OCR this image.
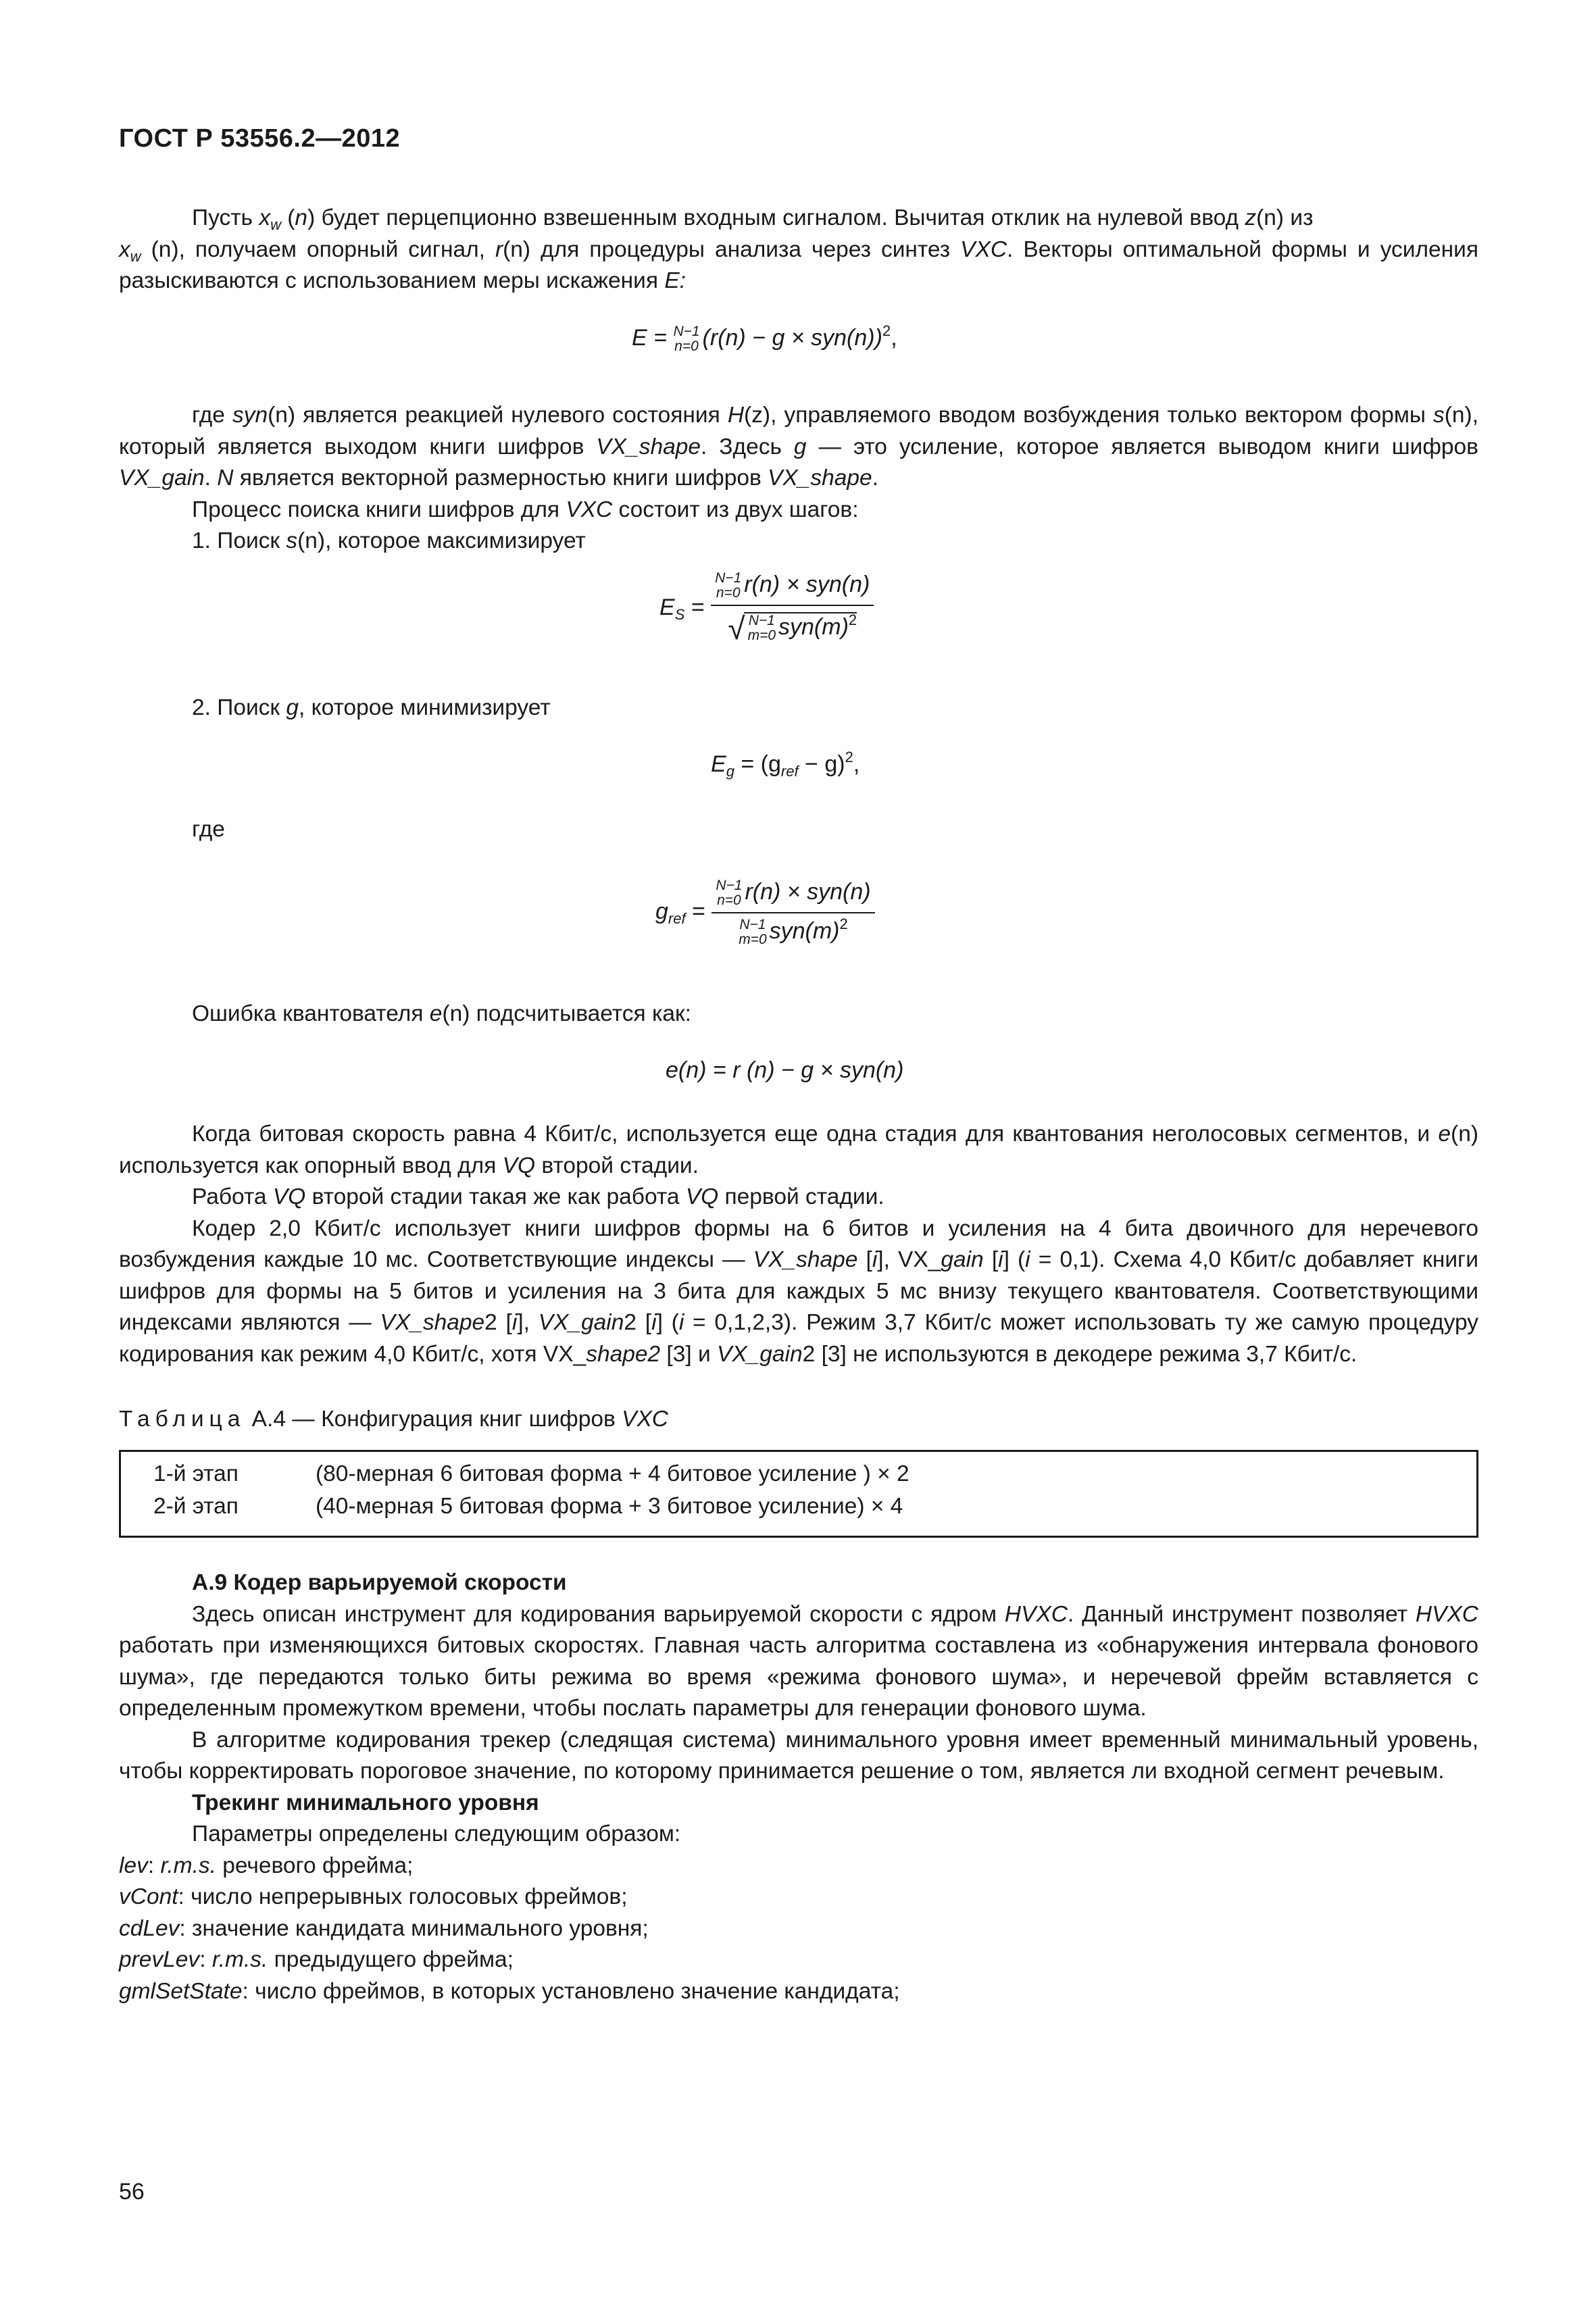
ГОСТ Р 53556.2—2012

Пусть $x_w$ (n) будет перцепционно взвешенным входным сигналом. Вычитая отклик на нулевой ввод z(n) из
$x_w$ (n), получаем опорный сигнал, r(n) для процедуры анализа через синтез VXC. Векторы оптимальной формы и усиления разыскиваются с использованием меры искажения E:

E = N−1
n=0 $(r(n) - g \times syn(n))^2$,

где syn(n) является реакцией нулевого состояния H(z), управляемого вводом возбуждения только вектором формы s(n), который является выходом книги шифров VX_shape. Здесь g — это усиление, которое является выводом книги шифров VX_gain. N является векторной размерностью книги шифров VX_shape.

Процесс поиска книги шифров для VXC состоит из двух шагов:

1. Поиск s(n), которое максимизирует

$E_S$ =
N−1
n=0 r(n) × syn(n)
√ N−1
m=0 $syn(m)^2$

2. Поиск g, которое минимизирует

$E_g = (g_{ref} - g)^2$,

где

$g_{ref}$ =
N−1
n=0 r(n) × syn(n)
N−1
m=0 $syn(m)^2$

Ошибка квантователя e(n) подсчитывается как:

e(n) = r (n) − g × syn(n)

Когда битовая скорость равна 4 Кбит/с, используется еще одна стадия для квантования неголосовых сегментов, и e(n) используется как опорный ввод для VQ второй стадии.

Работа VQ второй стадии такая же как работа VQ первой стадии.

Кодер 2,0 Кбит/с использует книги шифров формы на 6 битов и усиления на 4 бита двоичного для неречевого возбуждения каждые 10 мс. Соответствующие индексы — VX_shape [i], VX_gain [i] (i = 0,1). Схема 4,0 Кбит/с добавляет книги шифров для формы на 5 битов и усиления на 3 бита для каждых 5 мс внизу текущего квантователя. Соответствующими индексами являются — VX_shape2 [i], VX_gain2 [i] (i = 0,1,2,3). Режим 3,7 Кбит/с может использовать ту же самую процедуру кодирования как режим 4,0 Кбит/с, хотя VX_shape2 [3] и VX_gain2 [3] не используются в декодере режима 3,7 Кбит/с.

Таблица А.4 — Конфигурация книг шифров VXC
1-й этап	(80-мерная 6 битовая форма + 4 битовое усиление ) × 2
2-й этап	(40-мерная 5 битовая форма + 3 битовое усиление) × 4

А.9 Кодер варьируемой скорости

Здесь описан инструмент для кодирования варьируемой скорости с ядром HVXC. Данный инструмент позволяет HVXC работать при изменяющихся битовых скоростях. Главная часть алгоритма составлена из «обнаружения интервала фонового шума», где передаются только биты режима во время «режима фонового шума», и неречевой фрейм вставляется с определенным промежутком времени, чтобы послать параметры для генерации фонового шума.

В алгоритме кодирования трекер (следящая система) минимального уровня имеет временный минимальный уровень, чтобы корректировать пороговое значение, по которому принимается решение о том, является ли входной сегмент речевым.

Трекинг минимального уровня

Параметры определены следующим образом:

lev: r.m.s. речевого фрейма;

vCont: число непрерывных голосовых фреймов;

cdLev: значение кандидата минимального уровня;

prevLev: r.m.s. предыдущего фрейма;

gmlSetState: число фреймов, в которых установлено значение кандидата;

56
